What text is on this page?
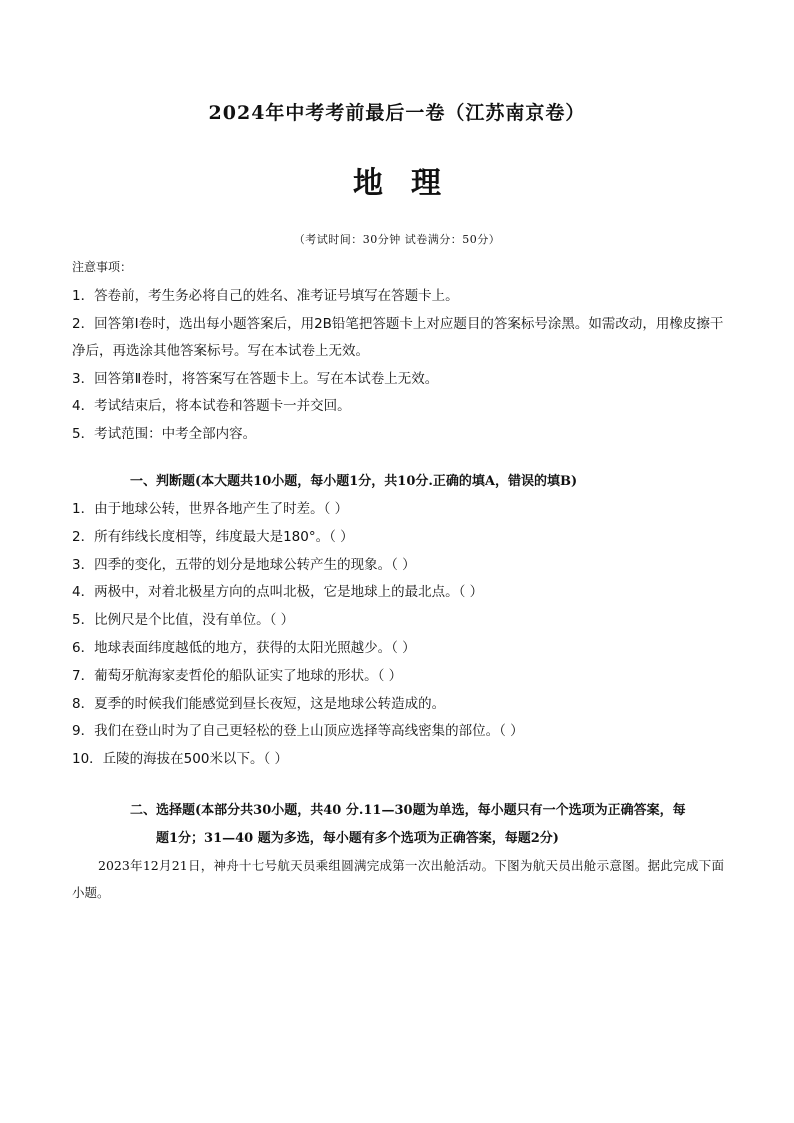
2024年中考考前最后一卷（江苏南京卷）
地 理
（考试时间：30分钟 试卷满分：50分）
注意事项：

1．答卷前，考生务必将自己的姓名、准考证号填写在答题卡上。

2．回答第Ⅰ卷时，选出每小题答案后，用2B铅笔把答题卡上对应题目的答案标号涂黑。如需改动，用橡皮擦干净后，再选涂其他答案标号。写在本试卷上无效。

3．回答第Ⅱ卷时，将答案写在答题卡上。写在本试卷上无效。

4．考试结束后，将本试卷和答题卡一并交回。

5．考试范围：中考全部内容。

一、判断题(本大题共10小题，每小题1分，共10分.正确的填A，错误的填B)

1．由于地球公转，世界各地产生了时差。（ ）

2．所有纬线长度相等，纬度最大是180°。（ ）

3．四季的变化，五带的划分是地球公转产生的现象。（ ）

4．两极中，对着北极星方向的点叫北极，它是地球上的最北点。（ ）

5．比例尺是个比值，没有单位。（ ）

6．地球表面纬度越低的地方，获得的太阳光照越少。（ ）

7．葡萄牙航海家麦哲伦的船队证实了地球的形状。（ ）

8．夏季的时候我们能感觉到昼长夜短，这是地球公转造成的。

9．我们在登山时为了自己更轻松的登上山顶应选择等高线密集的部位。（ ）

10．丘陵的海拔在500米以下。（ ）

二、选择题(本部分共30小题，共40 分.11—30题为单选，每小题只有一个选项为正确答案，每
题1分；31—40 题为多选，每小题有多个选项为正确答案，每题2分)
2023年12月21日，神舟十七号航天员乘组圆满完成第一次出舱活动。下图为航天员出舱示意图。据此完成下面小题。
